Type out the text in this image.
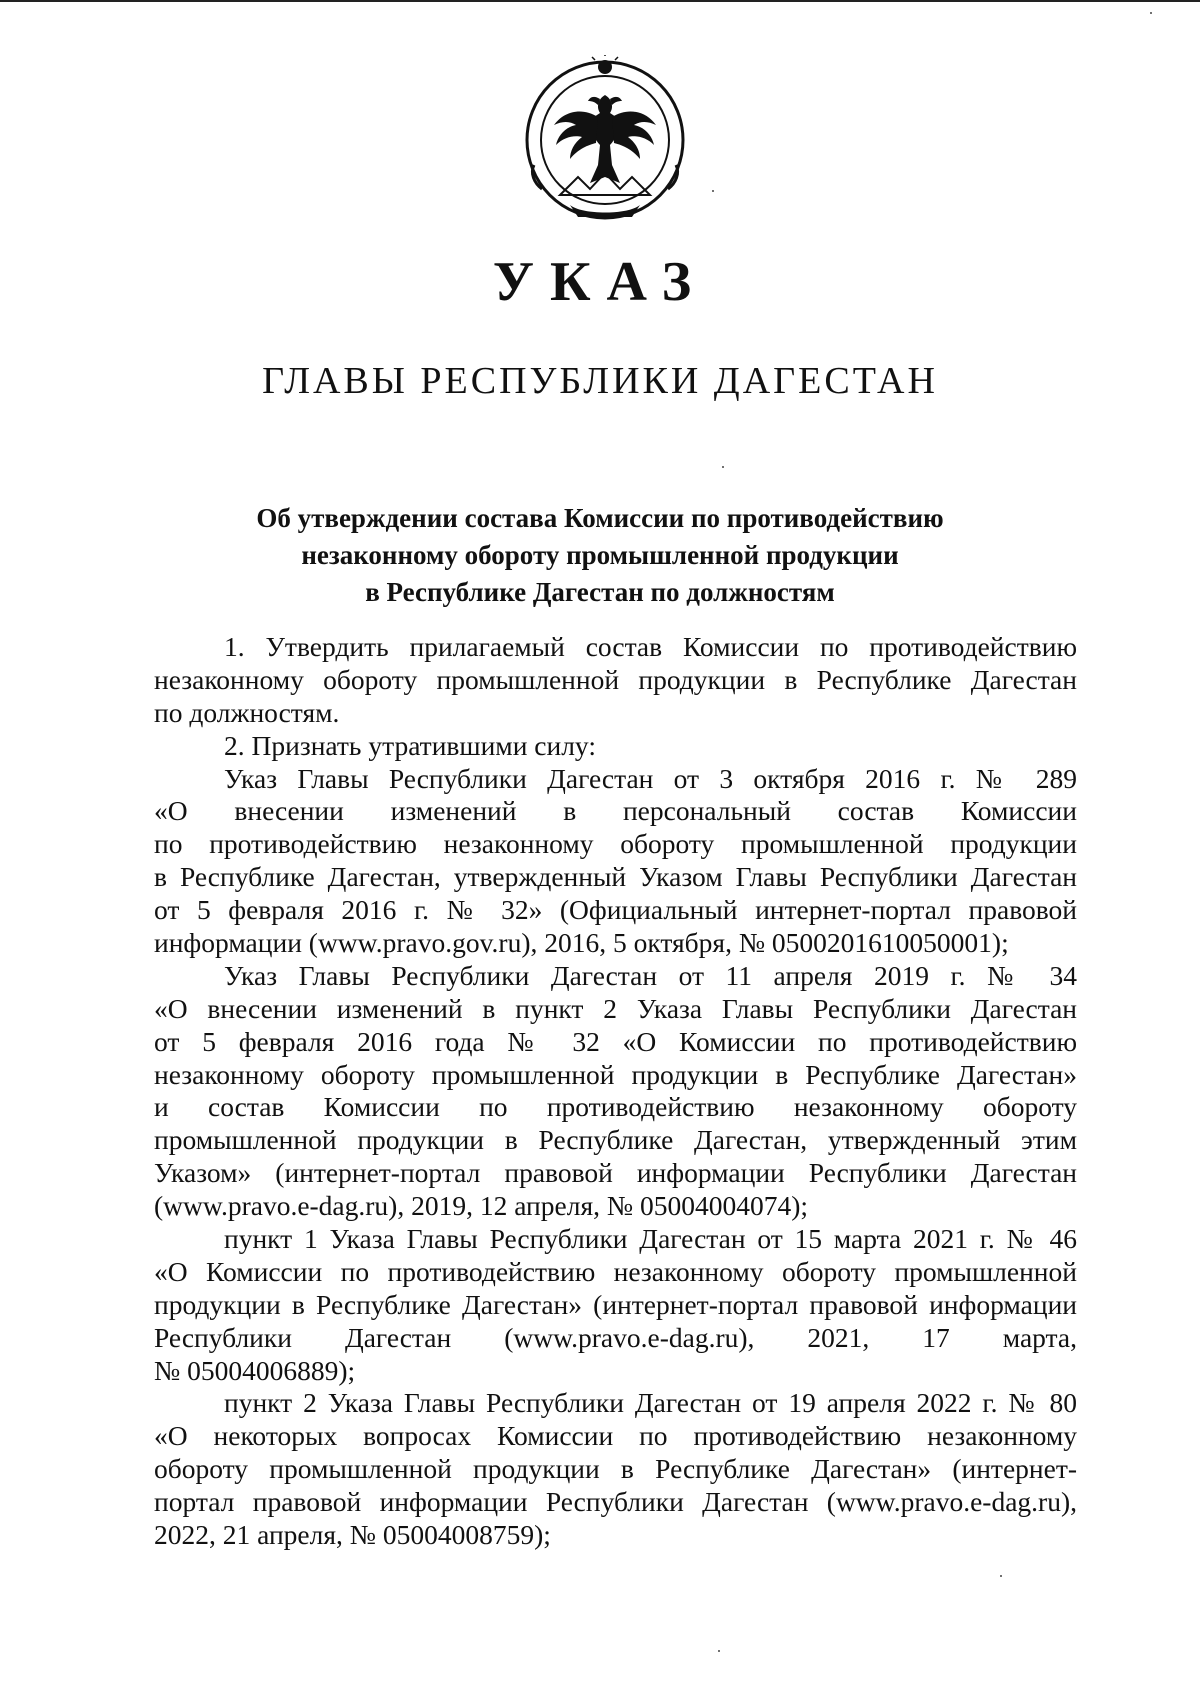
УКАЗ
ГЛАВЫ РЕСПУБЛИКИ ДАГЕСТАН
Об утверждении состава Комиссии по противодействию
незаконному обороту промышленной продукции
в Республике Дагестан по должностям
1. Утвердить прилагаемый состав Комиссии по противодействию
незаконному обороту промышленной продукции в Республике Дагестан
по должностям.
2. Признать утратившими силу:
Указ Главы Республики Дагестан от 3 октября 2016 г. № 289
«О внесении изменений в персональный состав Комиссии
по противодействию незаконному обороту промышленной продукции
в Республике Дагестан, утвержденный Указом Главы Республики Дагестан
от 5 февраля 2016 г. № 32» (Официальный интернет-портал правовой
информации (www.pravo.gov.ru), 2016, 5 октября, № 0500201610050001);
Указ Главы Республики Дагестан от 11 апреля 2019 г. № 34
«О внесении изменений в пункт 2 Указа Главы Республики Дагестан
от 5 февраля 2016 года № 32 «О Комиссии по противодействию
незаконному обороту промышленной продукции в Республике Дагестан»
и состав Комиссии по противодействию незаконному обороту
промышленной продукции в Республике Дагестан, утвержденный этим
Указом» (интернет-портал правовой информации Республики Дагестан
(www.pravo.e-dag.ru), 2019, 12 апреля, № 05004004074);
пункт 1 Указа Главы Республики Дагестан от 15 марта 2021 г. № 46
«О Комиссии по противодействию незаконному обороту промышленной
продукции в Республике Дагестан» (интернет-портал правовой информации
Республики Дагестан (www.pravo.e-dag.ru), 2021, 17 марта,
№ 05004006889);
пункт 2 Указа Главы Республики Дагестан от 19 апреля 2022 г. № 80
«О некоторых вопросах Комиссии по противодействию незаконному
обороту промышленной продукции в Республике Дагестан» (интернет-
портал правовой информации Республики Дагестан (www.pravo.e-dag.ru),
2022, 21 апреля, № 05004008759);
